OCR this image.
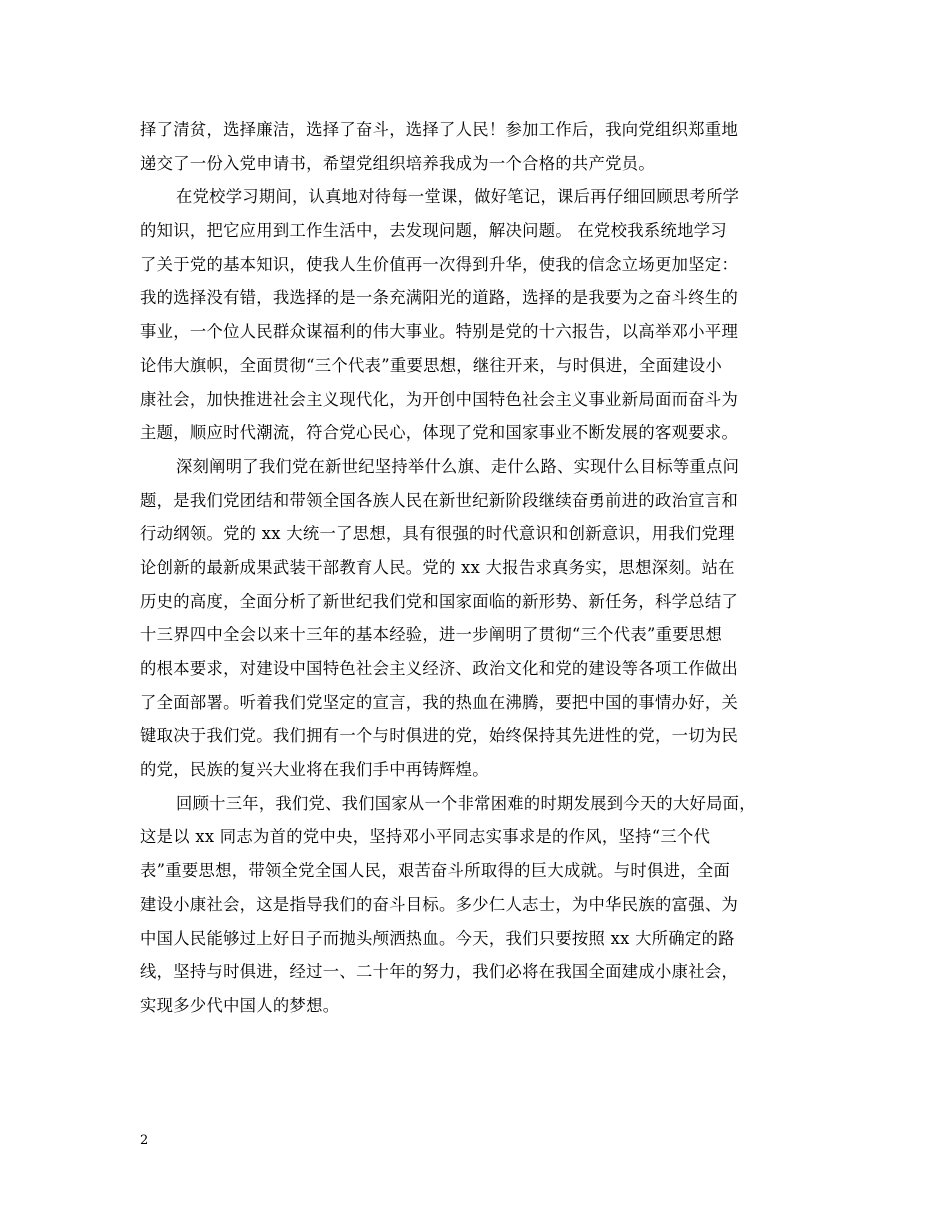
择了清贫，选择廉洁，选择了奋斗，选择了人民！参加工作后，我向党组织郑重地
递交了一份入党申请书，希望党组织培养我成为一个合格的共产党员。
在党校学习期间，认真地对待每一堂课，做好笔记，课后再仔细回顾思考所学
的知识，把它应用到工作生活中，去发现问题，解决问题。 在党校我系统地学习
了关于党的基本知识，使我人生价值再一次得到升华，使我的信念立场更加坚定：
我的选择没有错，我选择的是一条充满阳光的道路，选择的是我要为之奋斗终生的
事业，一个位人民群众谋福利的伟大事业。特别是党的十六报告，以高举邓小平理
论伟大旗帜，全面贯彻“三个代表”重要思想，继往开来，与时俱进，全面建设小
康社会，加快推进社会主义现代化，为开创中国特色社会主义事业新局面而奋斗为
主题，顺应时代潮流，符合党心民心，体现了党和国家事业不断发展的客观要求。
深刻阐明了我们党在新世纪坚持举什么旗、走什么路、实现什么目标等重点问
题，是我们党团结和带领全国各族人民在新世纪新阶段继续奋勇前进的政治宣言和
行动纲领。党的 xx 大统一了思想，具有很强的时代意识和创新意识，用我们党理
论创新的最新成果武装干部教育人民。党的 xx 大报告求真务实，思想深刻。站在
历史的高度，全面分析了新世纪我们党和国家面临的新形势、新任务，科学总结了
十三界四中全会以来十三年的基本经验，进一步阐明了贯彻“三个代表”重要思想
的根本要求，对建设中国特色社会主义经济、政治文化和党的建设等各项工作做出
了全面部署。听着我们党坚定的宣言，我的热血在沸腾，要把中国的事情办好，关
键取决于我们党。我们拥有一个与时俱进的党，始终保持其先进性的党，一切为民
的党，民族的复兴大业将在我们手中再铸辉煌。
回顾十三年，我们党、我们国家从一个非常困难的时期发展到今天的大好局面，
这是以 xx 同志为首的党中央，坚持邓小平同志实事求是的作风，坚持“三个代
表”重要思想，带领全党全国人民，艰苦奋斗所取得的巨大成就。与时俱进，全面
建设小康社会，这是指导我们的奋斗目标。多少仁人志士，为中华民族的富强、为
中国人民能够过上好日子而抛头颅洒热血。今天，我们只要按照 xx 大所确定的路
线，坚持与时俱进，经过一、二十年的努力，我们必将在我国全面建成小康社会，
实现多少代中国人的梦想。
2
